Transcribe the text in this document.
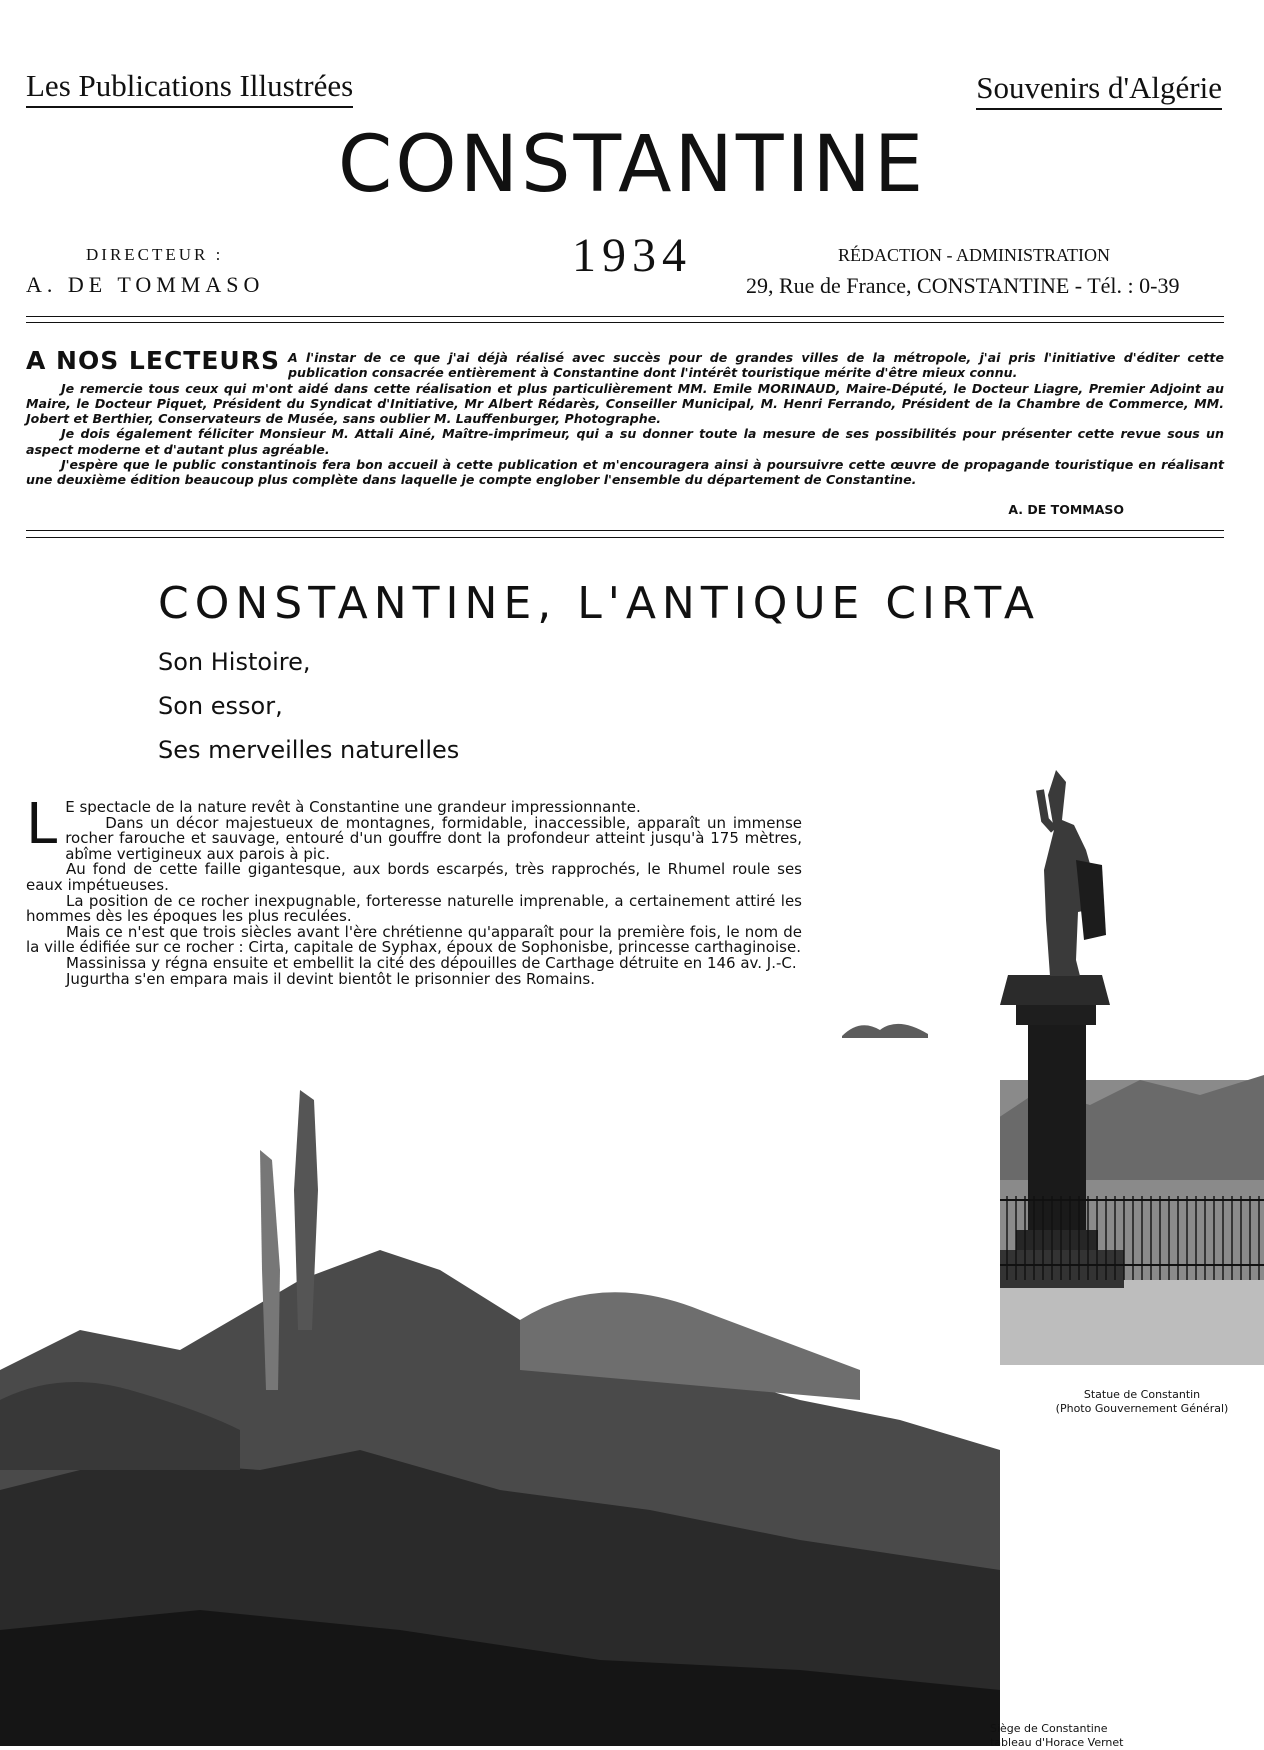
Les Publications Illustrées	Souvenirs d'Algérie
CONSTANTINE
DIRECTEUR :
A. DE TOMMASO
1934	RÉDACTION - ADMINISTRATION
29, Rue de France, CONSTANTINE - Tél. : 0-39
A NOS LECTEURS A l'instar de ce que j'ai déjà réalisé avec succès pour de grandes villes de la métropole, j'ai pris l'initiative d'éditer cette publication consacrée entièrement à Constantine dont l'intérêt touristique mérite d'être mieux connu.

Je remercie tous ceux qui m'ont aidé dans cette réalisation et plus particulièrement MM. Emile MORINAUD, Maire-Député, le Docteur Liagre, Premier Adjoint au Maire, le Docteur Piquet, Président du Syndicat d'Initiative, Mr Albert Rédarès, Conseiller Municipal, M. Henri Ferrando, Président de la Chambre de Commerce, MM. Jobert et Berthier, Conservateurs de Musée, sans oublier M. Lauffenburger, Photographe.

Je dois également féliciter Monsieur M. Attali Ainé, Maître-imprimeur, qui a su donner toute la mesure de ses possibilités pour présenter cette revue sous un aspect moderne et d'autant plus agréable.

J'espère que le public constantinois fera bon accueil à cette publication et m'encouragera ainsi à poursuivre cette œuvre de propagande touristique en réalisant une deuxième édition beaucoup plus complète dans laquelle je compte englober l'ensemble du département de Constantine.

A. DE TOMMASO
CONSTANTINE, L'ANTIQUE CIRTA
Son Histoire,
Son essor,
Ses merveilles naturelles
L E spectacle de la nature revêt à Constantine une grandeur impressionnante.

Dans un décor majestueux de montagnes, formidable, inaccessible, apparaît un immense rocher farouche et sauvage, entouré d'un gouffre dont la profondeur atteint jusqu'à 175 mètres, abîme vertigineux aux parois à pic.

Au fond de cette faille gigantesque, aux bords escarpés, très rapprochés, le Rhumel roule ses eaux impétueuses.

La position de ce rocher inexpugnable, forteresse naturelle imprenable, a certainement attiré les hommes dès les époques les plus reculées.

Mais ce n'est que trois siècles avant l'ère chrétienne qu'apparaît pour la première fois, le nom de la ville édifiée sur ce rocher : Cirta, capitale de Syphax, époux de Sophonisbe, princesse carthaginoise.

Massinissa y régna ensuite et embellit la cité des dépouilles de Carthage détruite en 146 av. J.-C.

Jugurtha s'en empara mais il devint bientôt le prisonnier des Romains.

Statue de Constantin
(Photo Gouvernement Général)
Siège de Constantine
tableau d'Horace Vernet
